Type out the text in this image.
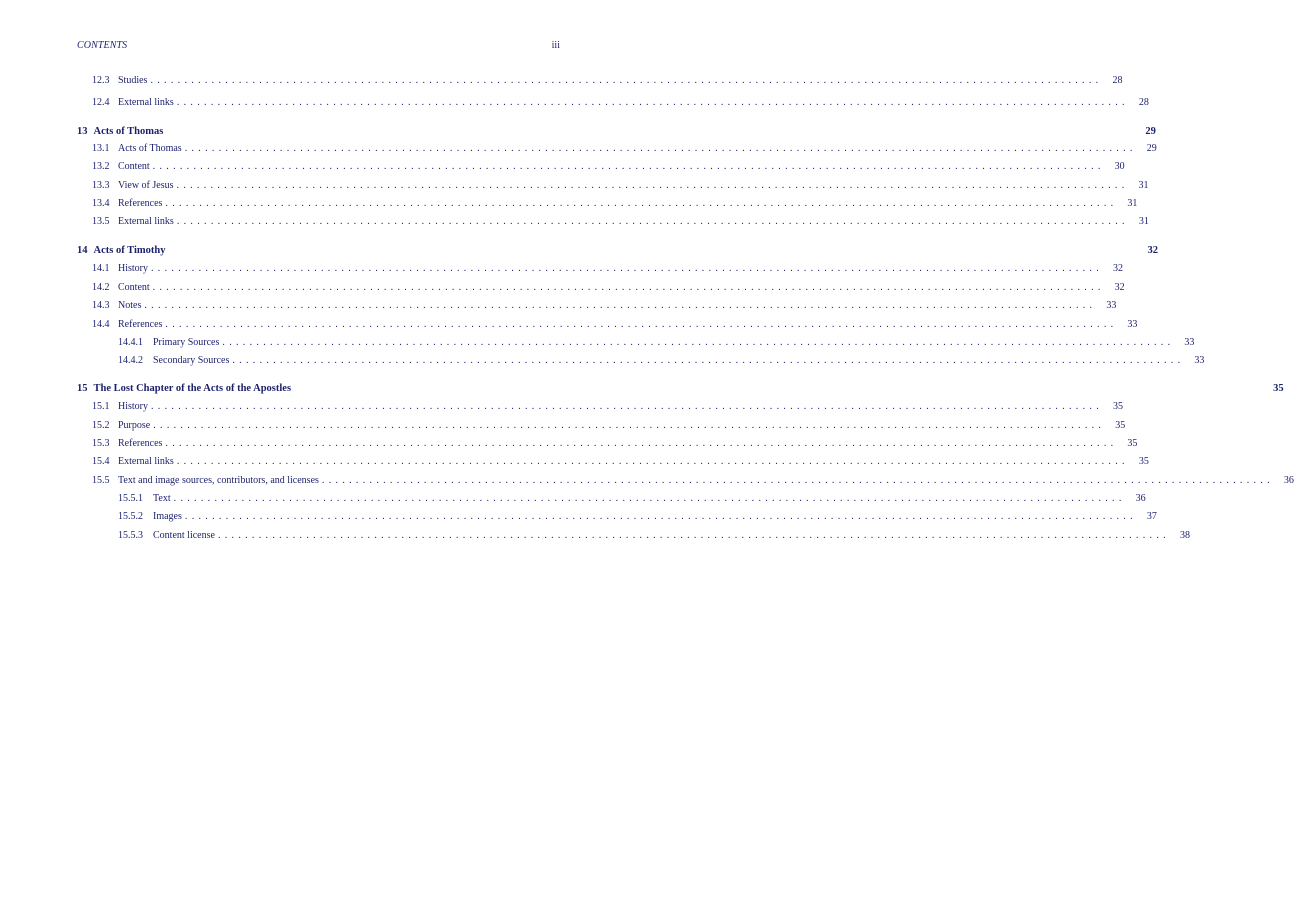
CONTENTS	iii
12.3 Studies ............................................................................................................................................	28
12.4 External links ............................................................................................................................................	28
13 Acts of Thomas	29
13.1 Acts of Thomas ............................................................................................................................................	29
13.2 Content ............................................................................................................................................	30
13.3 View of Jesus ............................................................................................................................................	31
13.4 References ............................................................................................................................................	31
13.5 External links ............................................................................................................................................	31
14 Acts of Timothy	32
14.1 History ............................................................................................................................................	32
14.2 Content ............................................................................................................................................	32
14.3 Notes ............................................................................................................................................	33
14.4 References ............................................................................................................................................	33
14.4.1	Primary Sources ............................................................................................................................................	33
14.4.2	Secondary Sources ............................................................................................................................................	33
15 The Lost Chapter of the Acts of the Apostles	35
15.1 History ............................................................................................................................................	35
15.2 Purpose ............................................................................................................................................	35
15.3 References ............................................................................................................................................	35
15.4 External links ............................................................................................................................................	35
15.5 Text and image sources, contributors, and licenses ............................................................................................................................................	36
15.5.1	Text ............................................................................................................................................	36
15.5.2	Images ............................................................................................................................................	37
15.5.3	Content license ............................................................................................................................................	38
